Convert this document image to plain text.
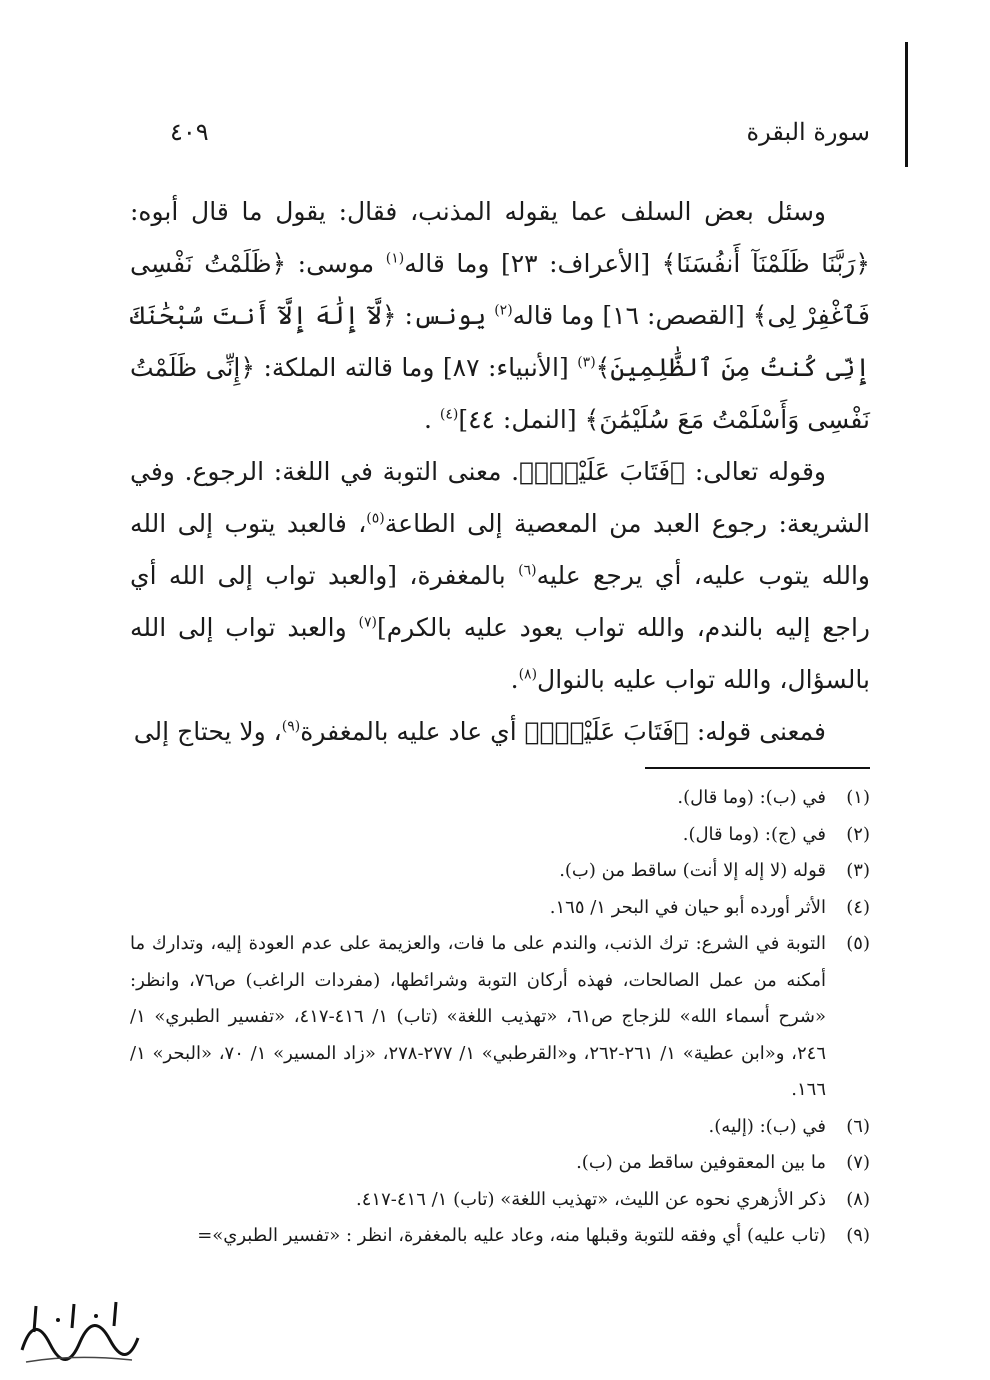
سورة البقرة
٤٠٩

وسئل بعض السلف عما يقوله المذنب، فقال: يقول ما قال أبوه: ﴿رَبَّنَا ظَلَمْنَآ أَنفُسَنَا﴾ [الأعراف: ٢٣] وما قاله$^{(١)}$ موسى: ﴿ظَلَمْتُ نَفْسِى فَٱغْفِرْ لِى﴾ [القصص: ١٦] وما قاله$^{(٢)}$ يونس: ﴿لَّآ إِلَٰهَ إِلَّآ أَنتَ سُبْحَٰنَكَ إِنِّى كُنتُ مِنَ ٱلظَّٰلِمِينَ﴾$^{(٣)}$ [الأنبياء: ٨٧] وما قالته الملكة: ﴿إِنِّى ظَلَمْتُ نَفْسِى وَأَسْلَمْتُ مَعَ سُلَيْمَٰنَ﴾ [النمل: ٤٤]$^{(٤)}$ .

وقوله تعالى: ﴿فَتَابَ عَلَيْهِۚ﴾. معنى التوبة في اللغة: الرجوع. وفي الشريعة: رجوع العبد من المعصية إلى الطاعة$^{(٥)}$، فالعبد يتوب إلى الله والله يتوب عليه، أي يرجع عليه$^{(٦)}$ بالمغفرة، [والعبد تواب إلى الله أي راجع إليه بالندم، والله تواب يعود عليه بالكرم]$^{(٧)}$ والعبد تواب إلى الله بالسؤال، والله تواب عليه بالنوال$^{(٨)}$.

فمعنى قوله: ﴿فَتَابَ عَلَيْهِۚ﴾ أي عاد عليه بالمغفرة$^{(٩)}$، ولا يحتاج إلى

(١)
في (ب): (وما قال).
(٢)
في (ج): (وما قال).
(٣)
قوله (لا إله إلا أنت) ساقط من (ب).
(٤)
الأثر أورده أبو حيان في البحر ١/ ١٦٥.
(٥)
التوبة في الشرع: ترك الذنب، والندم على ما فات، والعزيمة على عدم العودة إليه، وتدارك ما أمكنه من عمل الصالحات، فهذه أركان التوبة وشرائطها، (مفردات الراغب) ص٧٦، وانظر: «شرح أسماء الله» للزجاج ص٦١، «تهذيب اللغة» (تاب) ١/ ٤١٦-٤١٧، «تفسير الطبري» ١/ ٢٤٦، و«ابن عطية» ١/ ٢٦١-٢٦٢، و«القرطبي» ١/ ٢٧٧-٢٧٨، «زاد المسير» ١/ ٧٠، «البحر» ١/ ١٦٦.
(٦)
في (ب): (إليه).
(٧)
ما بين المعقوفين ساقط من (ب).
(٨)
ذكر الأزهري نحوه عن الليث، «تهذيب اللغة» (تاب) ١/ ٤١٦-٤١٧.
(٩)
(تاب عليه) أي وفقه للتوبة وقبلها منه، وعاد عليه بالمغفرة، انظر : «تفسير الطبري»=
